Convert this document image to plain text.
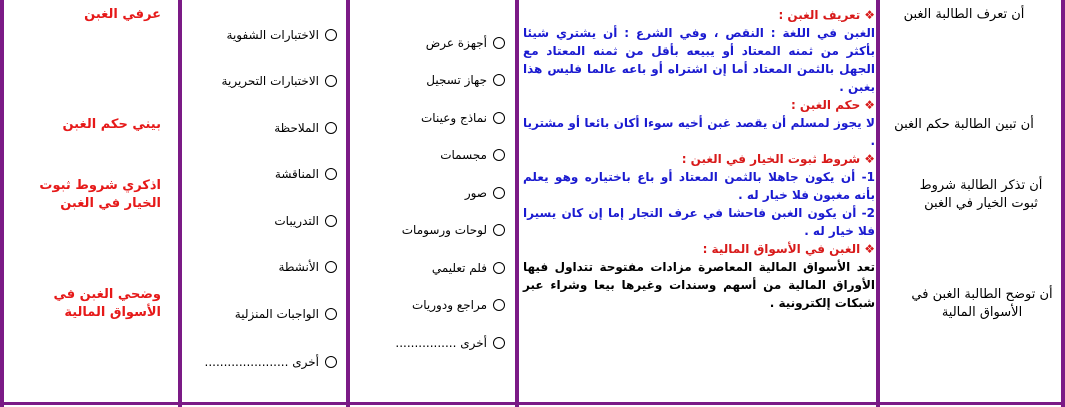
أن تعرف الطالبة الغبن
أن تبين الطالبة حكم الغبن
أن تذكر الطالبة شروط ثبوت الخيار في الغبن
أن توضح الطالبة الغبن في الأسواق المالية
❖
تعريف الغبن :
الغبن في اللغة : النقص ، وفي الشرع : أن يشتري شيئا بأكثر من ثمنه المعتاد أو يبيعه بأقل من ثمنه المعتاد مع الجهل بالثمن المعتاد أما إن اشتراه أو باعه عالما فليس هذا بغبن .
❖
حكم الغبن :
لا يجوز لمسلم أن يقصد غبن أخيه سوءا أكان بائعا أو مشتريا .
❖
شروط ثبوت الخيار في الغبن :
1- أن يكون جاهلا بالثمن المعتاد أو باع باختياره وهو يعلم بأنه مغبون فلا خيار له .
2- أن يكون الغبن فاحشا في عرف التجار إما إن كان يسيرا فلا خيار له .
❖
الغبن في الأسواق المالية :
تعد الأسواق المالية المعاصرة مزادات مفتوحة تتداول فيها الأوراق المالية من أسهم وسندات وغيرها بيعا وشراء عبر شبكات إلكترونية .
أجهزة عرض
جهاز تسجيل
نماذج وعينات
مجسمات
صور
لوحات ورسومات
فلم تعليمي
مراجع ودوريات
أخرى ................
الاختبارات الشفوية
الاختبارات التحريرية
الملاحظة
المناقشة
التدريبات
الأنشطة
الواجبات المنزلية
أخرى ......................
عرفي الغبن
بيني حكم الغبن
اذكري شروط ثبوت الخيار في الغبن
وضحي الغبن في الأسواق المالية
